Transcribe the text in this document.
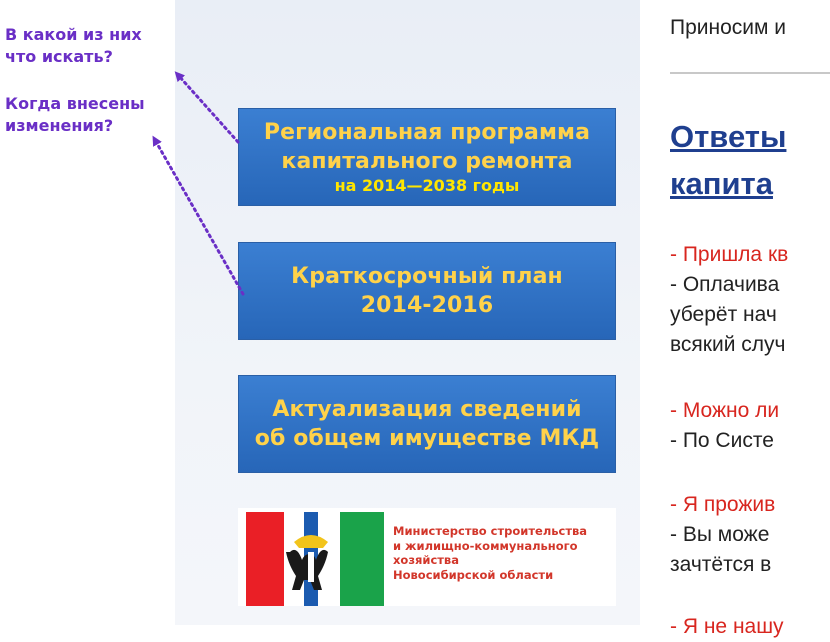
В какой из них
что искать?

Когда внесены
изменения?	Региональная программа
капитального ремонта
на 2014—2038 годы
Краткосрочный план
2014-2016
Актуализация сведений
об общем имуществе МКД
Министерство строительства
и жилищно-коммунального
хозяйства
Новосибирской области
Приносим и
Ответы
капита
- Пришла кв
- Оплачива
уберёт нач
всякий случ
- Можно ли
- По Систе
- Я прожив
- Вы може
зачтётся в
- Я не нашу
